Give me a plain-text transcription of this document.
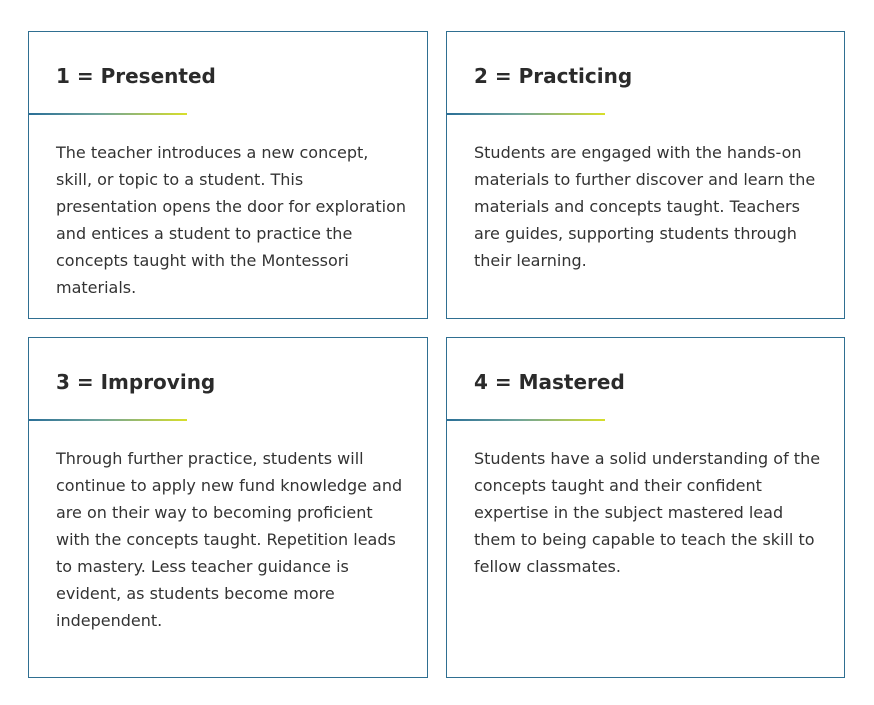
1 = Presented

The teacher introduces a new concept, skill, or topic to a student. This presentation opens the door for exploration and entices a student to practice the concepts taught with the Montessori materials.

2 = Practicing

Students are engaged with the hands-on materials to further discover and learn the materials and concepts taught. Teachers are guides, supporting students through their learning.

3 = Improving

Through further practice, students will continue to apply new fund knowledge and are on their way to becoming proficient with the concepts taught. Repetition leads to mastery. Less teacher guidance is evident, as students become more independent.

4 = Mastered

Students have a solid understanding of the concepts taught and their confident expertise in the subject mastered lead them to being capable to teach the skill to fellow classmates.
